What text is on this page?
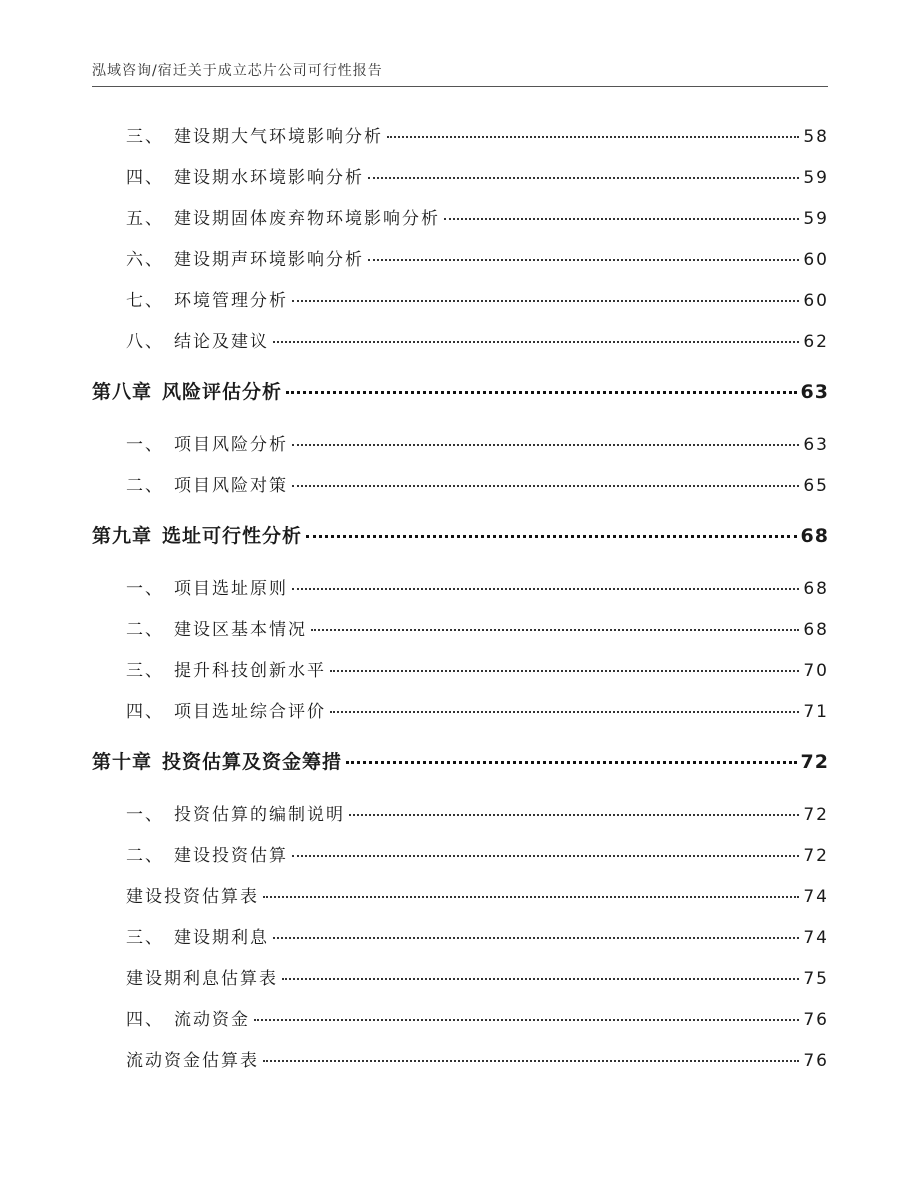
泓域咨询/宿迁关于成立芯片公司可行性报告
三、 建设期大气环境影响分析	58
四、 建设期水环境影响分析	59
五、 建设期固体废弃物环境影响分析	59
六、 建设期声环境影响分析	60
七、 环境管理分析	60
八、 结论及建议	62
第八章 风险评估分析	63
一、 项目风险分析	63
二、 项目风险对策	65
第九章 选址可行性分析	68
一、 项目选址原则	68
二、 建设区基本情况	68
三、 提升科技创新水平	70
四、 项目选址综合评价	71
第十章 投资估算及资金筹措	72
一、 投资估算的编制说明	72
二、 建设投资估算	72
建设投资估算表	74
三、 建设期利息	74
建设期利息估算表	75
四、 流动资金	76
流动资金估算表	76
